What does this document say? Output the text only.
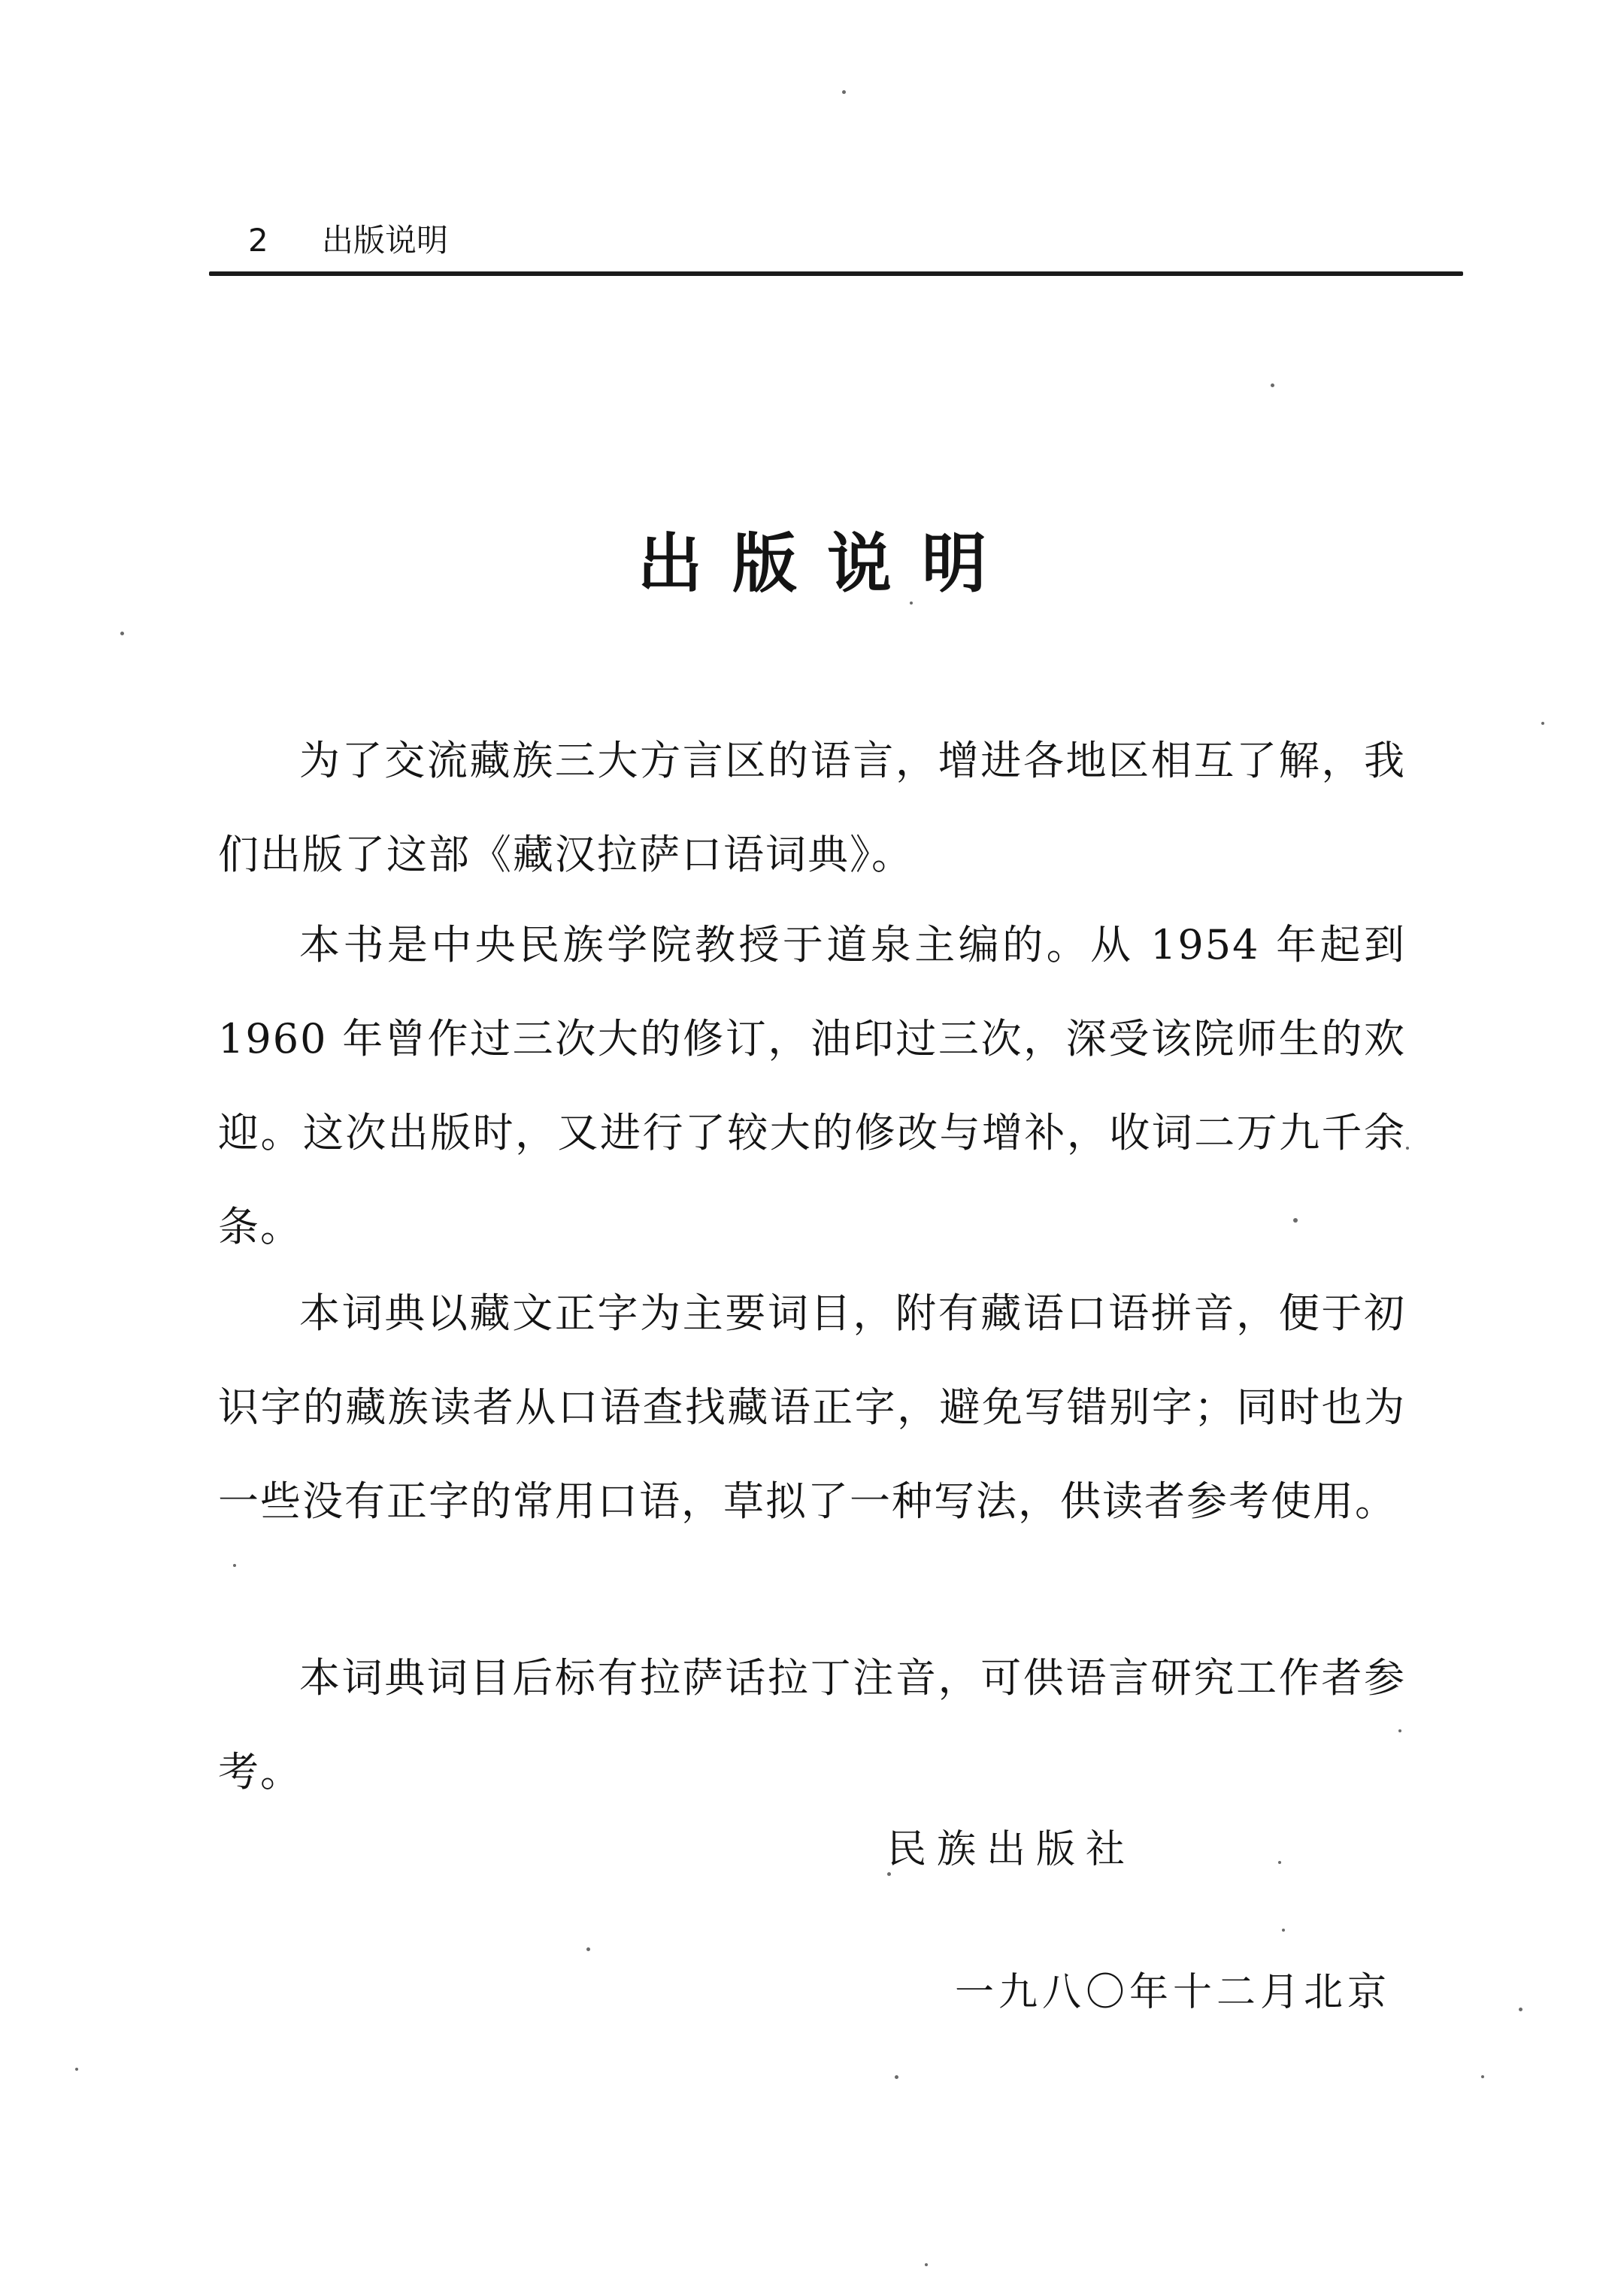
2 出版说明
出版说明

为了交流藏族三大方言区的语言，增进各地区相互了解，我们出版了这部《藏汉拉萨口语词典》。

本书是中央民族学院教授于道泉主编的。从 1954 年起到 1960 年曾作过三次大的修订，油印过三次，深受该院师生的欢迎。这次出版时，又进行了较大的修改与增补，收词二万九千余条。

本词典以藏文正字为主要词目，附有藏语口语拼音，便于初识字的藏族读者从口语查找藏语正字，避免写错别字；同时也为一些没有正字的常用口语，草拟了一种写法，供读者参考使用。

本词典词目后标有拉萨话拉丁注音，可供语言研究工作者参考。

民族出版社
一九八〇年十二月北京
